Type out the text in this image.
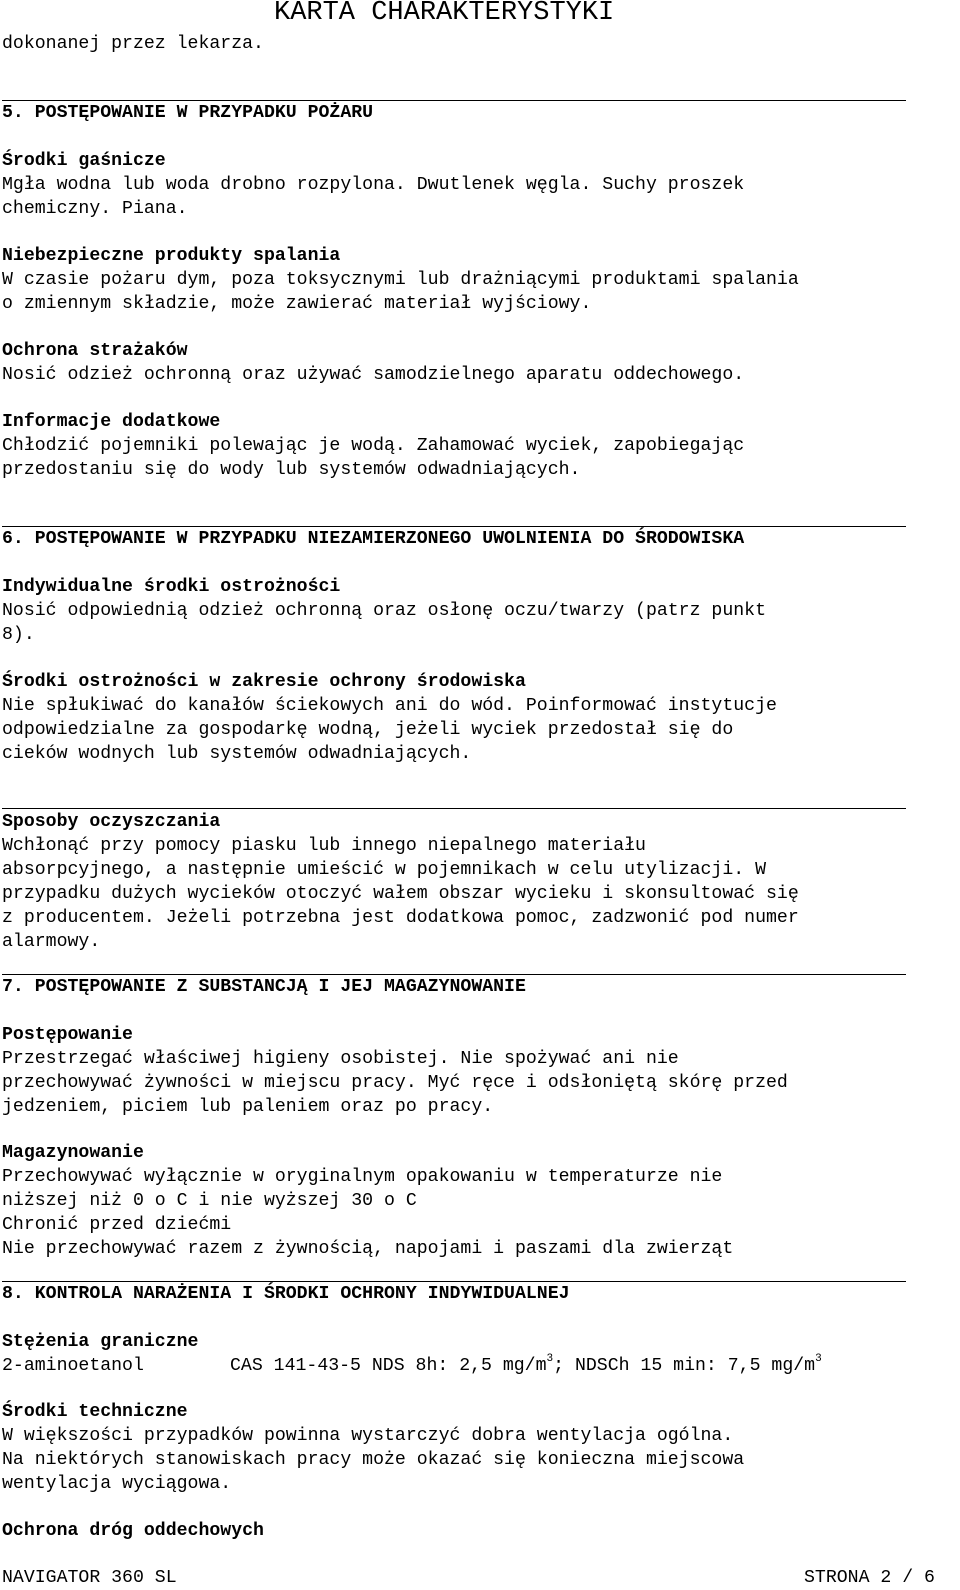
KARTA CHARAKTERYSTYKI
dokonanej przez lekarza.
5. POSTĘPOWANIE W PRZYPADKU POŻARU
Środki gaśnicze
Mgła wodna lub woda drobno rozpylona. Dwutlenek węgla. Suchy proszek
chemiczny. Piana.
Niebezpieczne produkty spalania
W czasie pożaru dym, poza toksycznymi lub drażniącymi produktami spalania
o zmiennym składzie, może zawierać materiał wyjściowy.
Ochrona strażaków
Nosić odzież ochronną oraz używać samodzielnego aparatu oddechowego.
Informacje dodatkowe
Chłodzić pojemniki polewając je wodą. Zahamować wyciek, zapobiegając
przedostaniu się do wody lub systemów odwadniających.
6. POSTĘPOWANIE W PRZYPADKU NIEZAMIERZONEGO UWOLNIENIA DO ŚRODOWISKA
Indywidualne środki ostrożności
Nosić odpowiednią odzież ochronną oraz osłonę oczu/twarzy (patrz punkt
8).
Środki ostrożności w zakresie ochrony środowiska
Nie spłukiwać do kanałów ściekowych ani do wód. Poinformować instytucje
odpowiedzialne za gospodarkę wodną, jeżeli wyciek przedostał się do
cieków wodnych lub systemów odwadniających.
Sposoby oczyszczania
Wchłonąć przy pomocy piasku lub innego niepalnego materiału
absorpcyjnego, a następnie umieścić w pojemnikach w celu utylizacji. W
przypadku dużych wycieków otoczyć wałem obszar wycieku i skonsultować się
z producentem. Jeżeli potrzebna jest dodatkowa pomoc, zadzwonić pod numer
alarmowy.
7. POSTĘPOWANIE Z SUBSTANCJĄ I JEJ MAGAZYNOWANIE
Postępowanie
Przestrzegać właściwej higieny osobistej. Nie spożywać ani nie
przechowywać żywności w miejscu pracy. Myć ręce i odsłoniętą skórę przed
jedzeniem, piciem lub paleniem oraz po pracy.
Magazynowanie
Przechowywać wyłącznie w oryginalnym opakowaniu w temperaturze nie
niższej niż 0 o C i nie wyższej 30 o C
Chronić przed dziećmi
Nie przechowywać razem z żywnością, napojami i paszami dla zwierząt
8. KONTROLA NARAŻENIA I ŚRODKI OCHRONY INDYWIDUALNEJ
Stężenia graniczne
2-aminoetanol	CAS 141-43-5 NDS 8h: 2,5 $mg/m^3$; NDSCh 15 min: 7,5 $mg/m^3$
Środki techniczne
W większości przypadków powinna wystarczyć dobra wentylacja ogólna.
Na niektórych stanowiskach pracy może okazać się konieczna miejscowa
wentylacja wyciągowa.
Ochrona dróg oddechowych
NAVIGATOR 360 SL	STRONA 2 / 6
